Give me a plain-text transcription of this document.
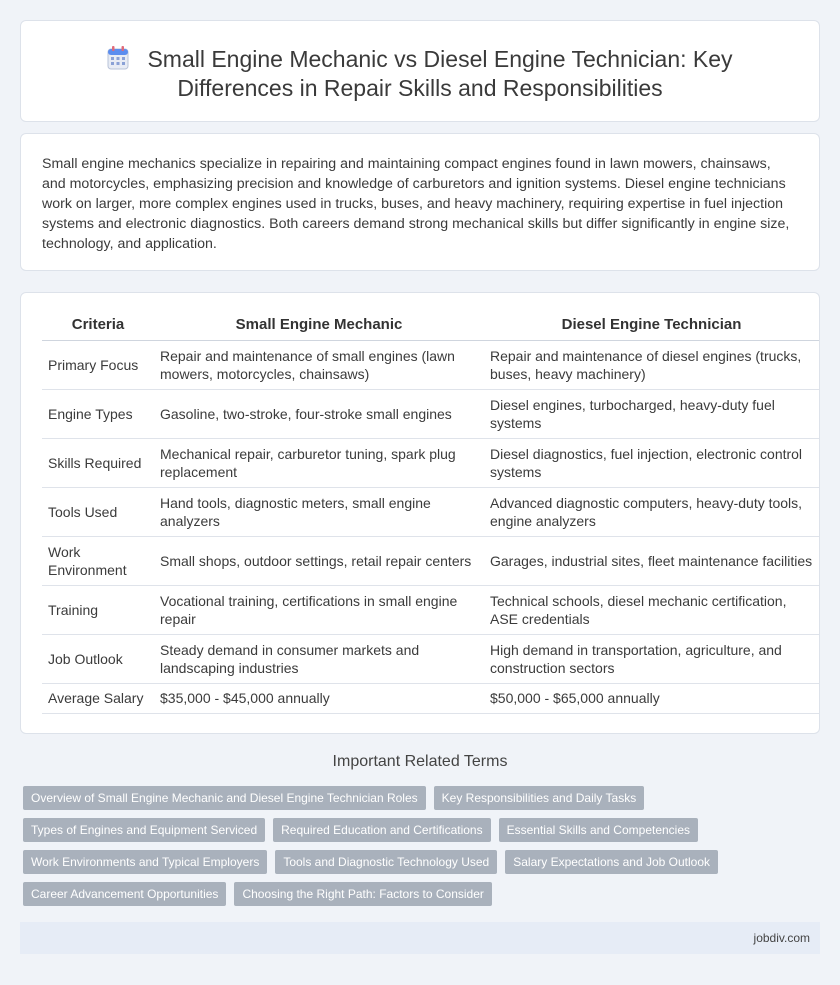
Small Engine Mechanic vs Diesel Engine Technician: Key Differences in Repair Skills and Responsibilities

Small engine mechanics specialize in repairing and maintaining compact engines found in lawn mowers, chainsaws, and motorcycles, emphasizing precision and knowledge of carburetors and ignition systems. Diesel engine technicians work on larger, more complex engines used in trucks, buses, and heavy machinery, requiring expertise in fuel injection systems and electronic diagnostics. Both careers demand strong mechanical skills but differ significantly in engine size, technology, and application.

Criteria	Small Engine Mechanic	Diesel Engine Technician
Primary Focus	Repair and maintenance of small engines (lawn mowers, motorcycles, chainsaws)	Repair and maintenance of diesel engines (trucks, buses, heavy machinery)
Engine Types	Gasoline, two-stroke, four-stroke small engines	Diesel engines, turbocharged, heavy-duty fuel systems
Skills Required	Mechanical repair, carburetor tuning, spark plug replacement	Diesel diagnostics, fuel injection, electronic control systems
Tools Used	Hand tools, diagnostic meters, small engine analyzers	Advanced diagnostic computers, heavy-duty tools, engine analyzers
Work Environment	Small shops, outdoor settings, retail repair centers	Garages, industrial sites, fleet maintenance facilities
Training	Vocational training, certifications in small engine repair	Technical schools, diesel mechanic certification, ASE credentials
Job Outlook	Steady demand in consumer markets and landscaping industries	High demand in transportation, agriculture, and construction sectors
Average Salary	$35,000 - $45,000 annually	$50,000 - $65,000 annually
Important Related Terms
Overview of Small Engine Mechanic and Diesel Engine Technician Roles	Key Responsibilities and Daily Tasks
Types of Engines and Equipment Serviced	Required Education and Certifications	Essential Skills and Competencies
Work Environments and Typical Employers	Tools and Diagnostic Technology Used	Salary Expectations and Job Outlook
Career Advancement Opportunities	Choosing the Right Path: Factors to Consider
jobdiv.com
